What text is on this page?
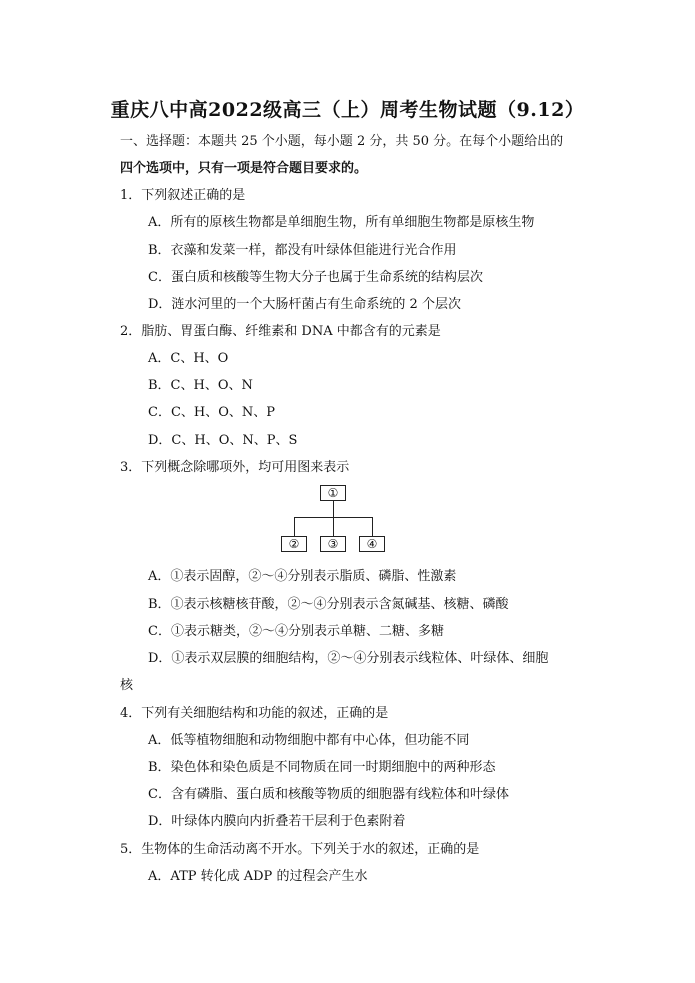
重庆八中高2022级高三（上）周考生物试题（9.12）
一、选择题：本题共 25 个小题，每小题 2 分，共 50 分。在每个小题给出的
四个选项中，只有一项是符合题目要求的。
1．下列叙述正确的是
A．所有的原核生物都是单细胞生物，所有单细胞生物都是原核生物
B．衣藻和发菜一样，都没有叶绿体但能进行光合作用
C．蛋白质和核酸等生物大分子也属于生命系统的结构层次
D．涟水河里的一个大肠杆菌占有生命系统的 2 个层次
2．脂肪、胃蛋白酶、纤维素和 DNA 中都含有的元素是
A．C、H、O
B．C、H、O、N
C．C、H、O、N、P
D．C、H、O、N、P、S
3．下列概念除哪项外，均可用图来表示
①
②	③	④
A．①表示固醇，②～④分别表示脂质、磷脂、性激素
B．①表示核糖核苷酸，②～④分别表示含氮碱基、核糖、磷酸
C．①表示糖类，②～④分别表示单糖、二糖、多糖
D．①表示双层膜的细胞结构，②～④分别表示线粒体、叶绿体、细胞
核
4．下列有关细胞结构和功能的叙述，正确的是
A．低等植物细胞和动物细胞中都有中心体，但功能不同
B．染色体和染色质是不同物质在同一时期细胞中的两种形态
C．含有磷脂、蛋白质和核酸等物质的细胞器有线粒体和叶绿体
D．叶绿体内膜向内折叠若干层利于色素附着
5．生物体的生命活动离不开水。下列关于水的叙述，正确的是
A．ATP 转化成 ADP 的过程会产生水
